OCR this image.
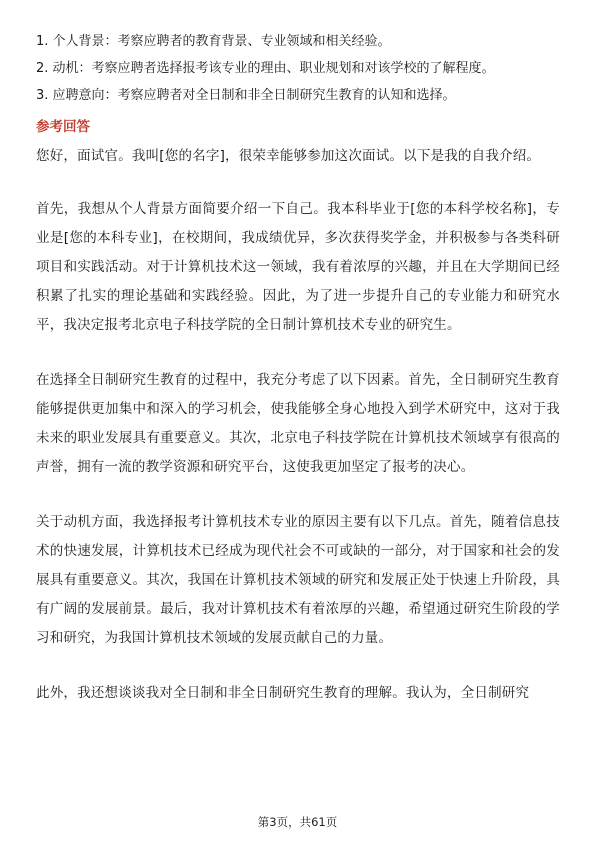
1. 个人背景：考察应聘者的教育背景、专业领域和相关经验。
2. 动机：考察应聘者选择报考该专业的理由、职业规划和对该学校的了解程度。
3. 应聘意向：考察应聘者对全日制和非全日制研究生教育的认知和选择。
参考回答
您好，面试官。我叫[您的名字]，很荣幸能够参加这次面试。以下是我的自我介绍。
首先，我想从个人背景方面简要介绍一下自己。我本科毕业于[您的本科学校名称]，专业是[您的本科专业]，在校期间，我成绩优异，多次获得奖学金，并积极参与各类科研项目和实践活动。对于计算机技术这一领域，我有着浓厚的兴趣，并且在大学期间已经积累了扎实的理论基础和实践经验。因此，为了进一步提升自己的专业能力和研究水平，我决定报考北京电子科技学院的全日制计算机技术专业的研究生。
在选择全日制研究生教育的过程中，我充分考虑了以下因素。首先，全日制研究生教育能够提供更加集中和深入的学习机会，使我能够全身心地投入到学术研究中，这对于我未来的职业发展具有重要意义。其次，北京电子科技学院在计算机技术领域享有很高的声誉，拥有一流的教学资源和研究平台，这使我更加坚定了报考的决心。
关于动机方面，我选择报考计算机技术专业的原因主要有以下几点。首先，随着信息技术的快速发展，计算机技术已经成为现代社会不可或缺的一部分，对于国家和社会的发展具有重要意义。其次，我国在计算机技术领域的研究和发展正处于快速上升阶段，具有广阔的发展前景。最后，我对计算机技术有着浓厚的兴趣，希望通过研究生阶段的学习和研究，为我国计算机技术领域的发展贡献自己的力量。
此外，我还想谈谈我对全日制和非全日制研究生教育的理解。我认为，全日制研究
第3页，共61页
